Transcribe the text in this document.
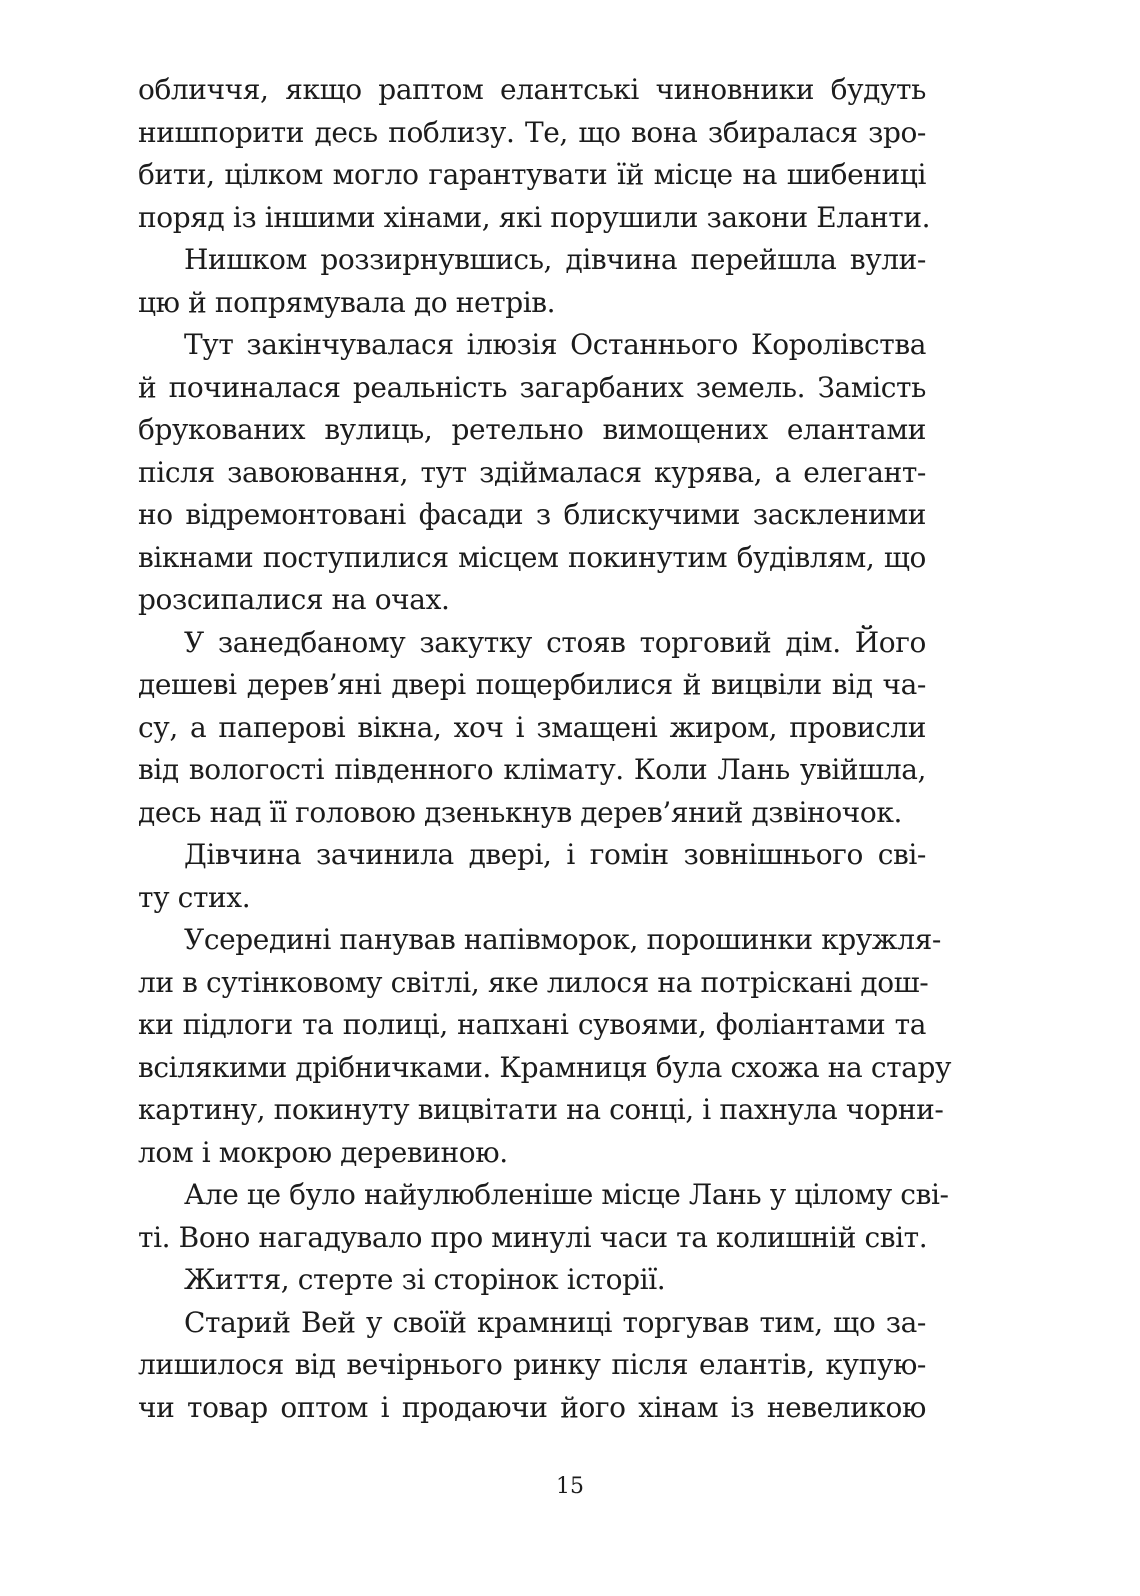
обличчя, якщо раптом елантські чиновники будуть
нишпорити десь поблизу. Те, що вона збиралася зро-
бити, цілком могло гарантувати їй місце на шибениці
поряд із іншими хінами, які порушили закони Еланти.
Нишком роззирнувшись, дівчина перейшла вули-
цю й попрямувала до нетрів.
Тут закінчувалася ілюзія Останнього Королівства
й починалася реальність загарбаних земель. Замість
брукованих вулиць, ретельно вимощених елантами
після завоювання, тут здіймалася курява, а елегант-
но відремонтовані фасади з блискучими заскленими
вікнами поступилися місцем покинутим будівлям, що
розсипалися на очах.
У занедбаному закутку стояв торговий дім. Його
дешеві дерев’яні двері пощербилися й вицвіли від ча-
су, а паперові вікна, хоч і змащені жиром, провисли
від вологості південного клімату. Коли Лань увійшла,
десь над її головою дзенькнув дерев’яний дзвіночок.
Дівчина зачинила двері, і гомін зовнішнього сві-
ту стих.
Усередині панував напівморок, порошинки кружля-
ли в сутінковому світлі, яке лилося на потріскані дош-
ки підлоги та полиці, напхані сувоями, фоліантами та
всілякими дрібничками. Крамниця була схожа на стару
картину, покинуту вицвітати на сонці, і пахнула чорни-
лом і мокрою деревиною.
Але це було найулюбленіше місце Лань у цілому сві-
ті. Воно нагадувало про минулі часи та колишній світ.
Життя, стерте зі сторінок історії.
Старий Вей у своїй крамниці торгував тим, що за-
лишилося від вечірнього ринку після елантів, купую-
чи товар оптом і продаючи його хінам із невеликою
15
